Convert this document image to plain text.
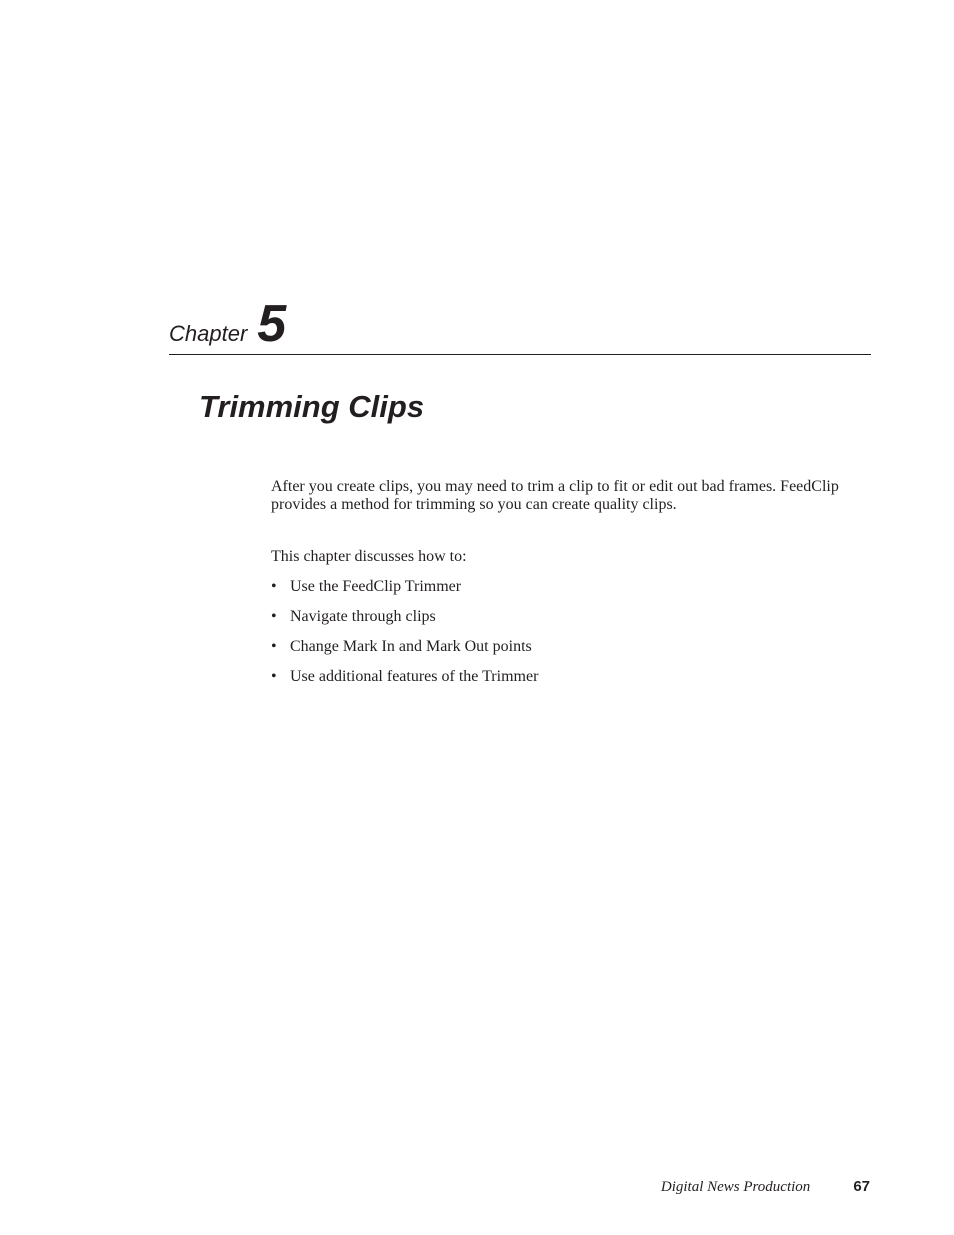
Chapter 5
Trimming Clips

After you create clips, you may need to trim a clip to fit or edit out bad frames. FeedClip provides a method for trimming so you can create quality clips.

This chapter discusses how to:

• Use the FeedClip Trimmer
• Navigate through clips
• Change Mark In and Mark Out points
• Use additional features of the Trimmer
Digital News Production	67
